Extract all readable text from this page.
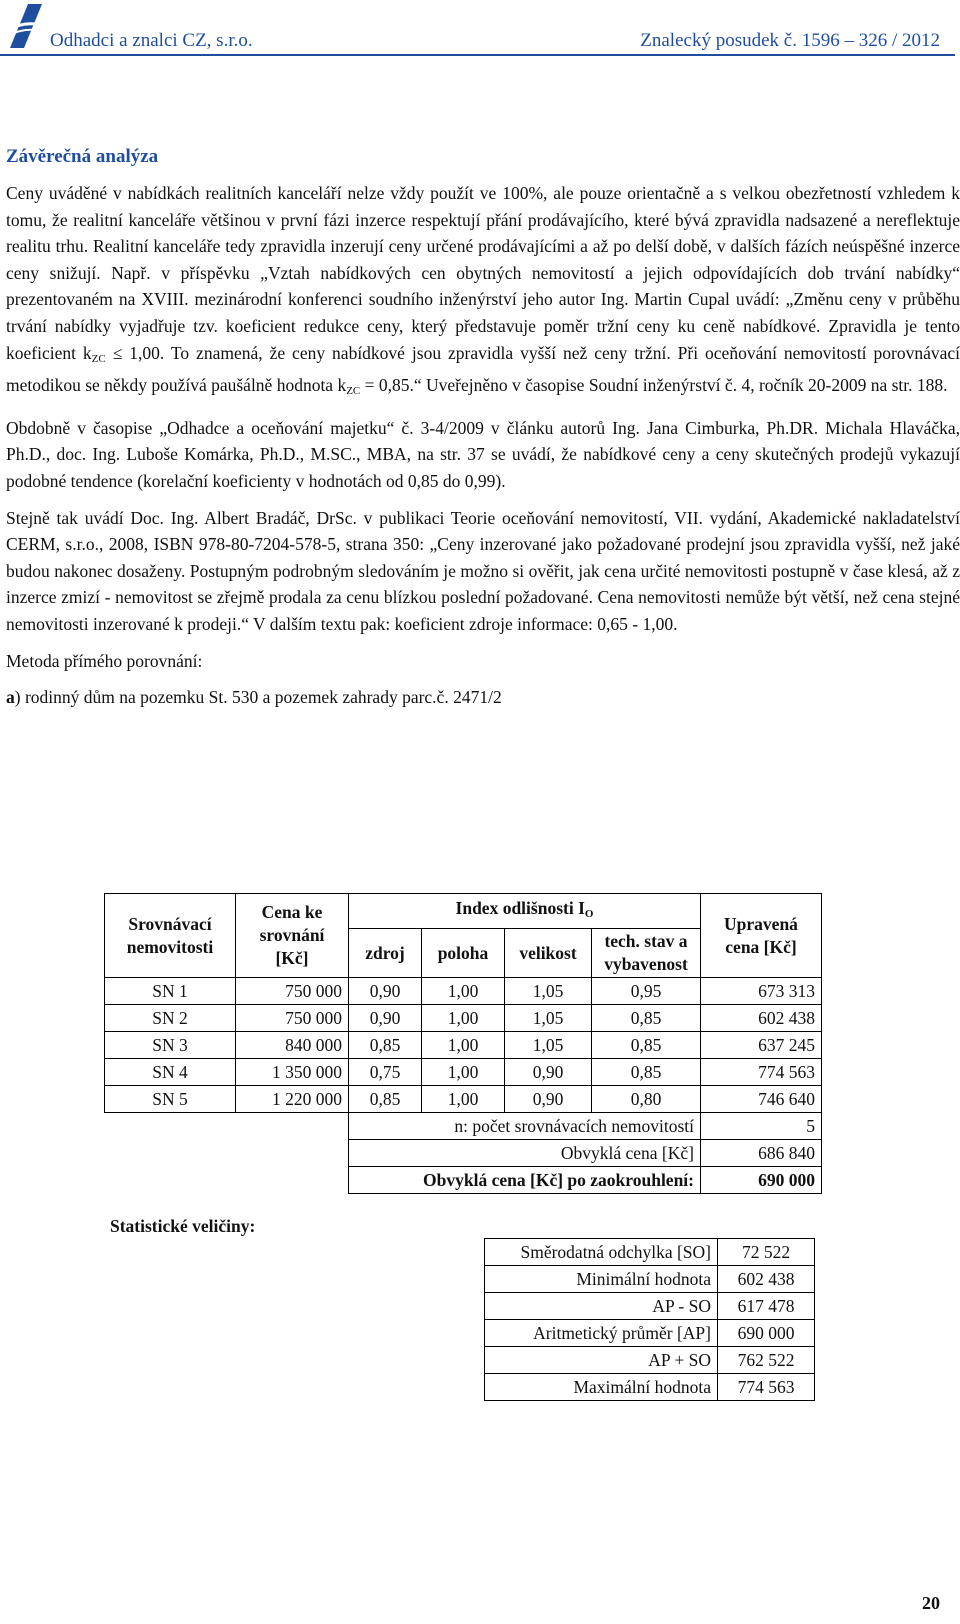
Odhadci a znalci CZ, s.r.o.	Znalecký posudek č. 1596 – 326 / 2012
Závěrečná analýza

Ceny uváděné v nabídkách realitních kanceláří nelze vždy použít ve 100%, ale pouze orientačně a s velkou obezřetností vzhledem k tomu, že realitní kanceláře většinou v první fázi inzerce respektují přání prodávajícího, které bývá zpravidla nadsazené a nereflektuje realitu trhu. Realitní kanceláře tedy zpravidla inzerují ceny určené prodávajícími a až po delší době, v dalších fázích neúspěšné inzerce ceny snižují. Např. v příspěvku „Vztah nabídkových cen obytných nemovitostí a jejich odpovídajících dob trvání nabídky“ prezentovaném na XVIII. mezinárodní konferenci soudního inženýrství jeho autor Ing. Martin Cupal uvádí: „Změnu ceny v průběhu trvání nabídky vyjadřuje tzv. koeficient redukce ceny, který představuje poměr tržní ceny ku ceně nabídkové. Zpravidla je tento koeficient $k_{ZC} \le 1,00$. To znamená, že ceny nabídkové jsou zpravidla vyšší než ceny tržní. Při oceňování nemovitostí porovnávací metodikou se někdy používá paušálně hodnota $k_{ZC}$ = 0,85.“ Uveřejněno v časopise Soudní inženýrství č. 4, ročník 20-2009 na str. 188.

Obdobně v časopise „Odhadce a oceňování majetku“ č. 3-4/2009 v článku autorů Ing. Jana Cimburka, Ph.DR. Michala Hlaváčka, Ph.D., doc. Ing. Luboše Komárka, Ph.D., M.SC., MBA, na str. 37 se uvádí, že nabídkové ceny a ceny skutečných prodejů vykazují podobné tendence (korelační koeficienty v hodnotách od 0,85 do 0,99).

Stejně tak uvádí Doc. Ing. Albert Bradáč, DrSc. v publikaci Teorie oceňování nemovitostí, VII. vydání, Akademické nakladatelství CERM, s.r.o., 2008, ISBN 978-80-7204-578-5, strana 350: „Ceny inzerované jako požadované prodejní jsou zpravidla vyšší, než jaké budou nakonec dosaženy. Postupným podrobným sledováním je možno si ověřit, jak cena určité nemovitosti postupně v čase klesá, až z inzerce zmizí - nemovitost se zřejmě prodala za cenu blízkou poslední požadované. Cena nemovitosti nemůže být větší, než cena stejné nemovitosti inzerované k prodeji.“ V dalším textu pak: koeficient zdroje informace: 0,65 - 1,00.

Metoda přímého porovnání:

a) rodinný dům na pozemku St. 530 a pozemek zahrady parc.č. 2471/2

Srovnávací nemovitosti	Cena ke srovnání [Kč]	Index odlišnosti $I_O$				Upravená cena [Kč]
		zdroj	poloha	velikost	tech. stav a vybavenost	
SN 1	750 000	0,90	1,00	1,05	0,95	673 313
SN 2	750 000	0,90	1,00	1,05	0,85	602 438
SN 3	840 000	0,85	1,00	1,05	0,85	637 245
SN 4	1 350 000	0,75	1,00	0,90	0,85	774 563
SN 5	1 220 000	0,85	1,00	0,90	0,80	746 640
		n: počet srovnávacích nemovitostí				5
		Obvyklá cena [Kč]				686 840
		Obvyklá cena [Kč] po zaokrouhlení:				690 000
Statistické veličiny:
Směrodatná odchylka [SO]	72 522
Minimální hodnota	602 438
AP - SO	617 478
Aritmetický průměr [AP]	690 000
AP + SO	762 522
Maximální hodnota	774 563
20
